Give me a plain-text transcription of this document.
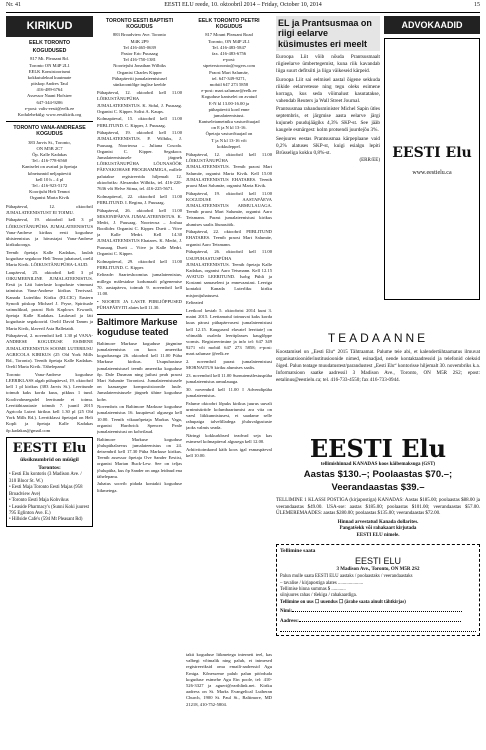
Nr. 41	EESTI ELU reede, 10. oktoobril 2014 – Friday, October 10, 2014	15
KIRIKUD
EELK TORONTO
KOGUDUSED
817 Mt. Pleasant Rd.
Toronto ON M4P 2L1
EELK Konsistooriumi
kokkutulekud kuutmate
piiskop Andres Taul
416-489-6764
Assessor Naani Hofstrer
647-344-9206
e-post: valis-eesti@eelk.ee
Kodulehekülg: www.eestikirik.org
TORONTO VANA-ANDREASE KOGUDUS
383 Jarvis St., Toronto,
ON M5B 2C7
Õp. Kalle Kadakas
Tel.: 416-778-6560
Kantselei on avatud ja õpetaja
kõnetunnid neljapäeviti
kell 10 h – 4 pl
Tel.: 416-923-5172
Koorijuht Heli Tennot
Organist Marta Kivik

Pühapäeval, 12. oktoobril JUMALATEENISTUST EI TOIMU.

Pühapäeval, 19. oktoobril kell 3 pl LÕIKUSTÄNUPÜHA JUMALATEENISTUS Vana-Andrese kirikus eesti koguduse ühisteenistus ja hävastajat Vana-Andrese kirikukoorga.

Teenib õpetaja Kalle Kadakas, laulab koguduse segakoor Heli Tenno juhatusel, orelil Marta Kivik. LÕIKUSTÄNUPÜHA-LAUD.

Laupäeval, 25. oktoobril kell 3 pl OIKUMEENILINE JUMALATEENISTUS. Eesti ja Läti luterlaste koguduste vimmast taimistus Vana-Andrese kirikus Terrivaal. Kanada Luterliku Kiriku (ELCIC) Eastern Synodi piiskop Michael J. Pryse, Spirituale vaimulikud, praost Rob Kaplows Erwardi, õpetaja Kalle Kadakas. Laulavad ja läti koguduste segakoorid. Orelil David Tamm ja Marta Kivik, klaveril Asta Balletaidi.

Pühapäeval, 2. novembril kell 1.30 pl VANA-ANDRESE KOGUDUSE ESIMENE JUMALATEENISTUS SOOME LUTERIUSU AGRICOLA KIRIKUS (25 Old York Mills Rd., Toronto). Teenib õpetaja Kalle Kadakas. Orelil Marta Kivik. Tähelepanu!

Toronto Vana-Andrese koguduse LEERIKLASS algab pühapäeval, 19. oktoobril kell 1 pl kirikus (383 Jarvis St.). Leeritunde toimub kaks korda kuus, pikkus 1 tund. Koolivaheaegadel leeritunde ei toimu. Leeritähtaastaste toimub 7. juunil 2015 Agricola Luteri kirikus kell 1.30 pl (25 Old York Mills Rd.). Leeritklassi õpetajad on Heli Kopli ja õpetaja Kalle Kadakas õp.kadakas@gmail.com

EESTI Elu
üksiknumbrid on müügil Torontos:
• Eesti Elu kontoris (3 Madison Ave. / 310 Bloor St. W.)
• Eesti Maja Toronto Eesti Majas (958 Broadview Ave)
• Toronto Eesti Maja Kohvikus
• Leaside Pharmacy's (Sunni Koki juurest 795 Eglinton Ave. E.)
• Hillside Cafe's (594 Mt Pleasant Rd)
TORONTO EESTI BAPTISTI KOGUDUS
883 Broadview Ave. Toronto
M4K 2P9
Tel 416-465-0639
Pastor Eric Puusaag
Tel 416-750-1381
Noortejuht Jonathan Wilbiks
Organist Charles Kipper
Pühapäeviti jumalateenistusel
sünkroontõlge inglise keelde

Pühapäeval, 12. oktoobril kell 11.00 LÕIKUSTÄNUPÜHA JUMALATEENISTUS. K. Sidul, J. Puusaag. Organist C. Kipper. Solist A. Kaups.

Kolmapäeval, 15. oktoobril kell 11.00 PIIBLITUND. C. Kipper, J. Puusaag.

Pühapäeval, 19. oktoobril kell 11.00 JUMALATEENISTUS. P. Wilbiks, J. Puusaag. Noorteosa – Juliana Cosoda. Organist C. Kipper. Segakoor. Jumalateenistusele järgneb LÕIKUSTÄNUPÜHA LÕUNASÖÖK PÄEVAKOHASE PROGRAMMIGA, millele palutakse registreerida hiljemalt 12. oktoobriks: Alexandra Wilbiks, tel. 416-220-7636 või Helve Siima, tel. 416-225-5671.

Kolmapäeval, 22. oktoobril kell 11.00 PIIBLITUND. I. Regina, J. Puusaag.

Pühapäeval, 26. oktoobril kell 11.00 MISJONIPÄEVA JUMALATEENISTUS. K. Medri, J. Puusaag. Noorteosa – Joshua Bootlider. Organist C. Kipper. Duett – Viive ja Kalle Medri. Kell 14.30 JUMALATEENISTUS Ehatares. K. Medri, J. Puusaag. Duett – Viive ja Kalle Medri. Organist C. Kipper.

Kolmapäeval, 29. oktoobril kell 11.00 PIIBLITUND. C. Kipper.

Eelteade: Saarteshoomius jumalateenistus, millega mälestakse kodumaalt põgenemise 70. aastapäeva, toimub 9. novembril kell 11.00.

• NOORTE JA LASTE PIIBLIÕPPUSED PÜHAPÄEVITI alates kell 11.30.

Baltimore Markuse koguduse teated

Baltimore Markuse koguduse järgmine jumalateenistus on koos ameerika koguduseaga 26. oktoobril kell 11.00 Püha Markuse kirikus. Usupuhastuse jumalateenistusel teenib ameerika koguduse õp. Dale Dusman ning jutlust peab praost Mart Salumäe Torontost. Jumalateenistusele on kaasaegne kompositsioonile luule. Jumalateenistusele järgneb ühine koguduse kohv.

Novembris on Baltimore Markuse koguduse jumalateenistus 16. kuupäeval algusega kell 10.00. Teenib vikaarõpetaja Markus Vaga, organist Hardwick Spencer. Peale jumalateenistust on kohvilaud.

Baltimore Markuse koguduse jõulupühalaevus jumalateenistus on 24. detsembril kell 17.30 Püha Markuse kirikus. Teenib assessor õpetaja Ove Sander Eestist, organist Marian Buck-Lew. See on teljas jõulupüha, kus õp Sander on anga leidnud ena tähelepanu.

Juhatus soovib pidada kontakti koguduse liikmetega.

EELK TORONTO PEETRI KOGUDUS
817 Mount Pleasant Road
Toronto, ON M4P 2L1
Tel. 416-483-5847
fax. 416-483-6756
e-post:
stpeterstoronto@rogers.com
Praost Mart Salumäe,
tel. 647-349-9271,
mobiil 647 273 5858
e-post: mart.salumae@eelk.ee
Koguduse kantselei on avatud
E-N kl 13.00-16.00 ja
pühapäeviti kord enne
jumalateenistust.
Kantseleiametniku vastuvõtuajad
on E ja N kl 13-16.
Õpetaja vastuvõtuajad on
T ja N kl 13-16 või
kokkuleppel.

Pühapäeval, 12. oktoobril kell 11.00 LÕIKUSTÄNUPÜHA JUMALATEENISTUS. Teenib praost Mart Salumäe, organist Marta Kivik. Kell 15.00 JUMALATEENISTUS EHATARES. Teenib praost Mart Salumäe, organist Marta Kivik.

Pühapäeval, 19. oktoobril kell 11.00 KOGUDUSE AASTAPÄEVA JUMALATEENISTUS ARMULAUAGA. Teenib praost Mart Salumäe, organist Aaro Tetsmann. Parast jumalateenistust kirikus alumises saalis lõunasöök.

Pühapäeval, 22. oktoobril PIIBLITUND EHATARES. Teenib praost Mart Salumäe, organist Aaro Tetsmann.

Pühapäeval, 26. oktoobril kell 11.00 USUPUHASTUSPÜHA JUMALATEENISTUS. Teenib õpetaja Kalle Kadakas, organist Aaro Tetsmann. Kell 12.15 AVATUD LEERITUND. Isobg Pühli ja Kostami samaselent ja ennevaastast. Leeriga kontakti Kanada Luterliku kiriku misjonijuhatusest.

Eelteated

Leetkool kestab 5. oktoobrist 2014 kuni 3. maini 2015. Leettamatul toimuvat kaks korda kuus pärast pühapäevasest jumalateenistust kell 12.15. Kauguseal elavatel leeritate] on võimalik osaleda leeritplasses kauglõppe vormis. Registreerimine ja info tel: 647 349 9271 või mobiil 647 273 5858; e-post: mart.salumae @eelk.ee

2. novembril parast jumalateenistust MORNAITUS kiriku alumises saalis.

23. novembril kell 11.00 Surnutemälestuspüha jumalateenistus armulauaga.

30. novembril kell 11.00 I Advendipüha jumalateenistus.

Palume oktoobri lõpuks kirikus juurus uuvali urnimisürtide kolumbaariumist ara viia on vaesl liikkunnistusest, et saadame selle rahupaiga talvelilladega jõuluvalgustuste jaoks valmis seada.

Näringi kokkurkbsed teadvad seja kas esimesel kolmapäeval algusega kell 12.00.

Arhiivitoimkond käib koos igal esmaspäeval kell 10.00.

takti koguduse liikmetega interneti teel, kas valbegi võimalik ning palub, et inimesed registreeriksid oma emaili-aadressid Agu Erniga. Kõnesseme palub palun pöörduda koguduse esimehe Agu Ein poole, tel: 410-526-3327 ja agueri@earthlink.net. Kiriku aadress on St. Marks Evangelical Lutheran Church, 1900 St. Paul St., Baltimore, MD 21218, 410-752-5804.

EL ja Prantsusmaa on riigi eelarve küsimustes eri meelt

Euroopa Liit võib nõuda Prantsusmaalt riigieelarve ümbertegemist, kuna riik kavandab liiga suurt defitsiiti ja liiga väikeseid kärpeid.

Euroopa Liit sai eelmisel aastal õigene sekkuda riikide eelarvetesse ning tegu oleks esimene korraga, kus seda võimalust kasutatakse, vahendab Reuters ja Wall Street Journal.

Prantsusmaa rahandusminister Michel Sapin ütles septembris, et järgmise aasta eelarve järgi kujuneb puudujäägiks 4,3% SKP-st. See jääb kaugele esmärgest: kolm protsendi juurdejõu 3%.

Seejuures eestas Prantsusmaa kärpeplaane vaid 0,2% alatuses SKP-st, kuigi esialgu lepiti Brüsseliga kokku 0,8%-st.

(ERR/EE)
ADVOKAADID
EESTI Elu
www.eestielu.ca
TEADAANNE

Koostamisel on „Eesti Elu“ 2015 Tähtraamat. Palume teie abi, et kalendertühtaamatus ilmuvat organisatsioonide/institusioonide nimed, esinadjad, nende kontaktaadressid ja telefonid oleksid õiged. Palun teatage muudatustest/parandustest „Eesti Elu“ kontorisse hiljemalt 30. novembriks k.a. Informatsioon saatke aadressil 3 Madison Ave., Toronto, ON M5R 2S2; epost: eetalinus@eestielu.ca; tel. 416-733-4550; fax 416-733-0944.

EESTI Elu
tellimishinnad KANADAS koos käibemaksuga (GST)
Aastas $130.–; Poolaastas $70.–;
Veerandaastas $39.–

TELLIMINE 1 KLASSI POSTIGA (kirjapostiga) KANADAS: Aastas $185.00; poolaastas $88.00 ja veerandaastas $49.00. USA-sse: aastas $185.00; poolaastas $101.00; veerandaastas $57.00. ÜLEMEREMAADES: aastas $280.00; poolaastas $135.00; veerandaastas $72.00.

Hinnad arvestatud Kanada dollarites.
Pangatšekk või rahakaart kirjutada
EESTI ELU nimele.
Tellimine saata
EESTI ELU
3 Madison Ave., Toronto, ON M5R 2S2
Palun mulle saata EESTI ELU aastaks / poolaastaks / veerandaastaks
– tavalise / kirjapostiga alates .....................
Tellimise hinna summas $ ............
siinjuures rahas / tšekiga / rahakaardiga.
Tellimine on uus ☐ uuendus ☐ (ärahe saata ainult tähtkirjas)
Nimi:
Aadress:
